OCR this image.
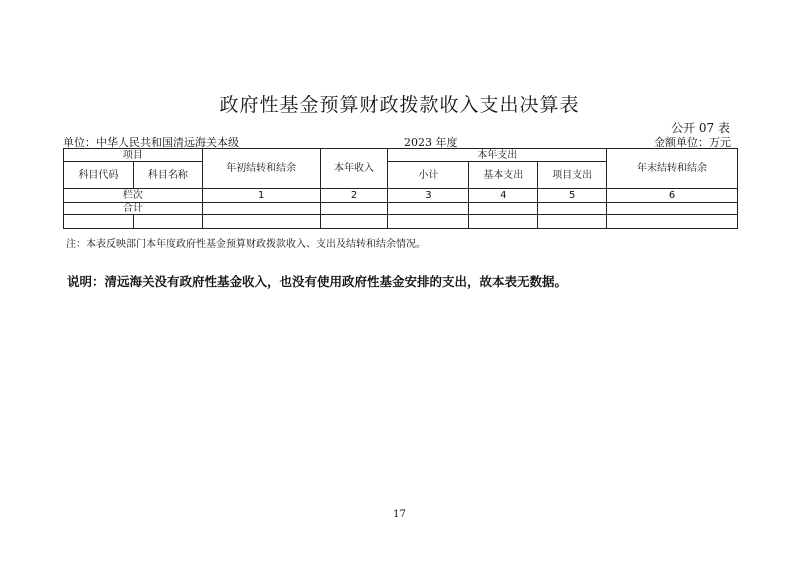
政府性基金预算财政拨款收入支出决算表
公开 07 表
单位：中华人民共和国清远海关本级	2023 年度	金额单位：万元
项目		年初结转和结余	本年收入	本年支出			年末结转和结余
科目代码	科目名称			小计	基本支出	项目支出	
栏次		1	2	3	4	5	6
合计							

注：本表反映部门本年度政府性基金预算财政拨款收入、支出及结转和结余情况。
说明：清远海关没有政府性基金收入，也没有使用政府性基金安排的支出，故本表无数据。
17
